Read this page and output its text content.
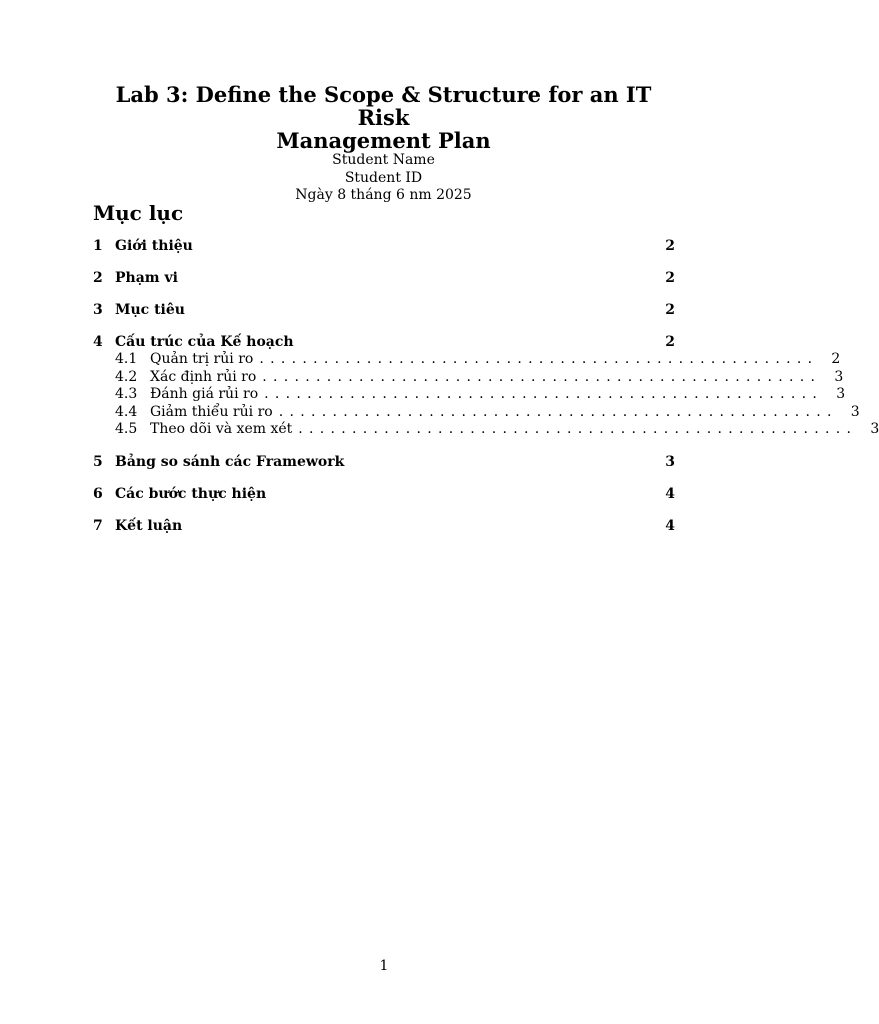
Lab 3: Define the Scope & Structure for an IT Risk
Management Plan
Student Name
Student ID
Ngày 8 tháng 6 nm 2025
Mục lục
1 Giới thiệu	2
2 Phạm vi	2
3 Mục tiêu	2
4 Cấu trúc của Kế hoạch	2
4.1 Quản trị rủi ro .................................................... 2
4.2 Xác định rủi ro .................................................... 3
4.3 Đánh giá rủi ro .................................................... 3
4.4 Giảm thiểu rủi ro .................................................... 3
4.5 Theo dõi và xem xét .................................................... 3
5 Bảng so sánh các Framework	3
6 Các bước thực hiện	4
7 Kết luận	4
1
